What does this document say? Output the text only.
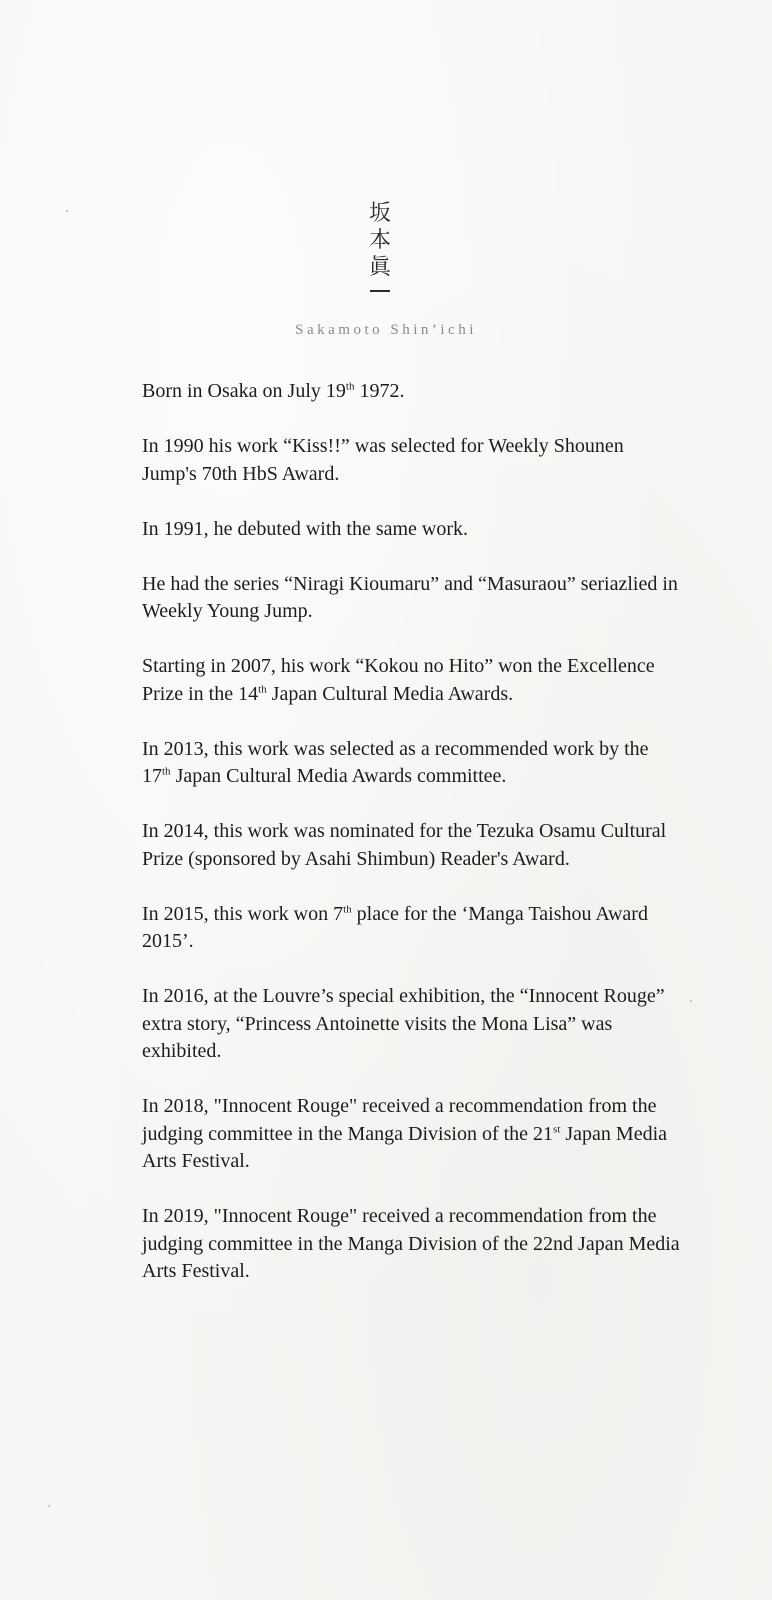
坂
本
眞
Sakamoto Shin’ichi

Born in Osaka on July 19th 1972.

In 1990 his work “Kiss!!” was selected for Weekly Shounen Jump's 70th HbS Award.

In 1991, he debuted with the same work.

He had the series “Niragi Kioumaru” and “Masuraou” seriazlied in Weekly Young Jump.

Starting in 2007, his work “Kokou no Hito” won the Excellence Prize in the 14th Japan Cultural Media Awards.

In 2013, this work was selected as a recommended work by the 17th Japan Cultural Media Awards committee.

In 2014, this work was nominated for the Tezuka Osamu Cultural Prize (sponsored by Asahi Shimbun) Reader's Award.

In 2015, this work won 7th place for the ‘Manga Taishou Award 2015’.

In 2016, at the Louvre’s special exhibition, the “Innocent Rouge” extra story, “Princess Antoinette visits the Mona Lisa” was exhibited.

In 2018, "Innocent Rouge" received a recommendation from the judging committee in the Manga Division of the 21st Japan Media Arts Festival.

In 2019, "Innocent Rouge" received a recommendation from the judging committee in the Manga Division of the 22nd Japan Media Arts Festival.
